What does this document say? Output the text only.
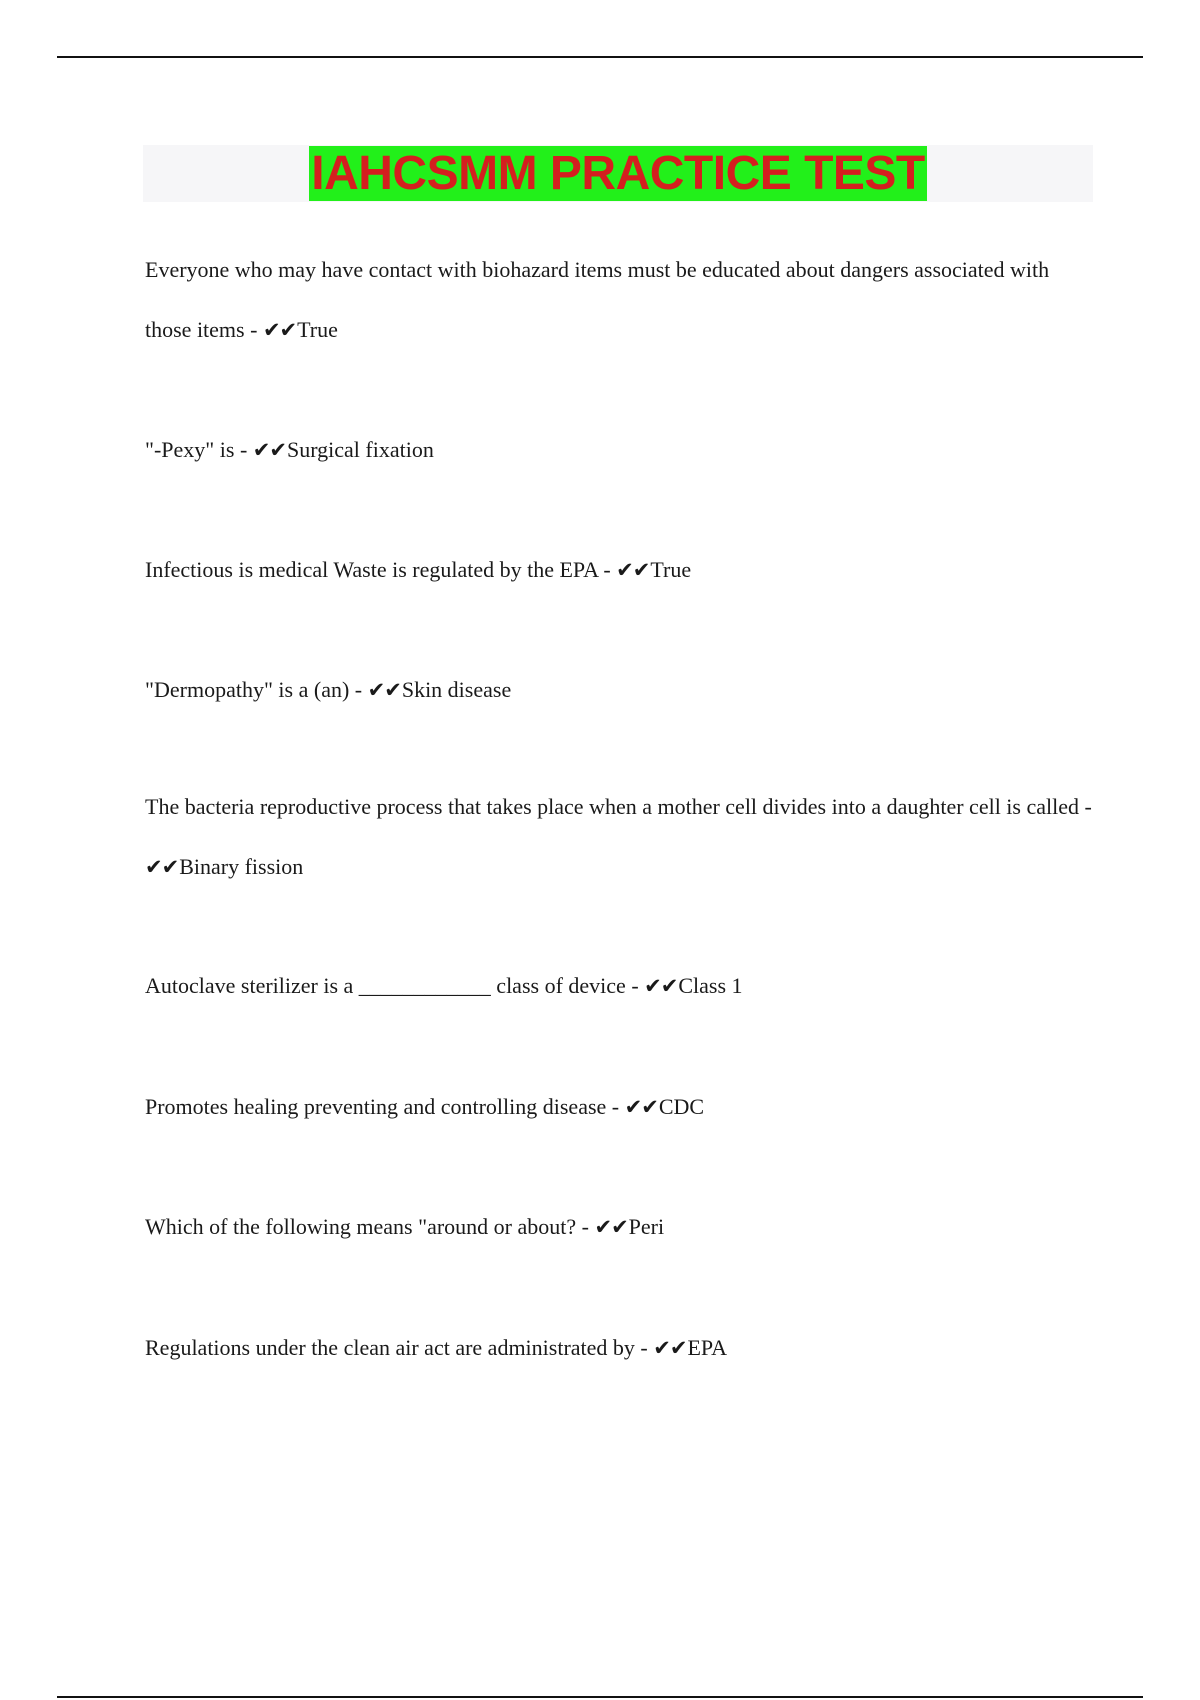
IAHCSMM PRACTICE TEST

Everyone who may have contact with biohazard items must be educated about dangers associated with those items - ✔✔True

"-Pexy" is - ✔✔Surgical fixation

Infectious is medical Waste is regulated by the EPA - ✔✔True

"Dermopathy" is a (an) - ✔✔Skin disease

The bacteria reproductive process that takes place when a mother cell divides into a daughter cell is called - ✔✔Binary fission

Autoclave sterilizer is a ____________ class of device - ✔✔Class 1

Promotes healing preventing and controlling disease - ✔✔CDC

Which of the following means "around or about? - ✔✔Peri

Regulations under the clean air act are administrated by - ✔✔EPA
